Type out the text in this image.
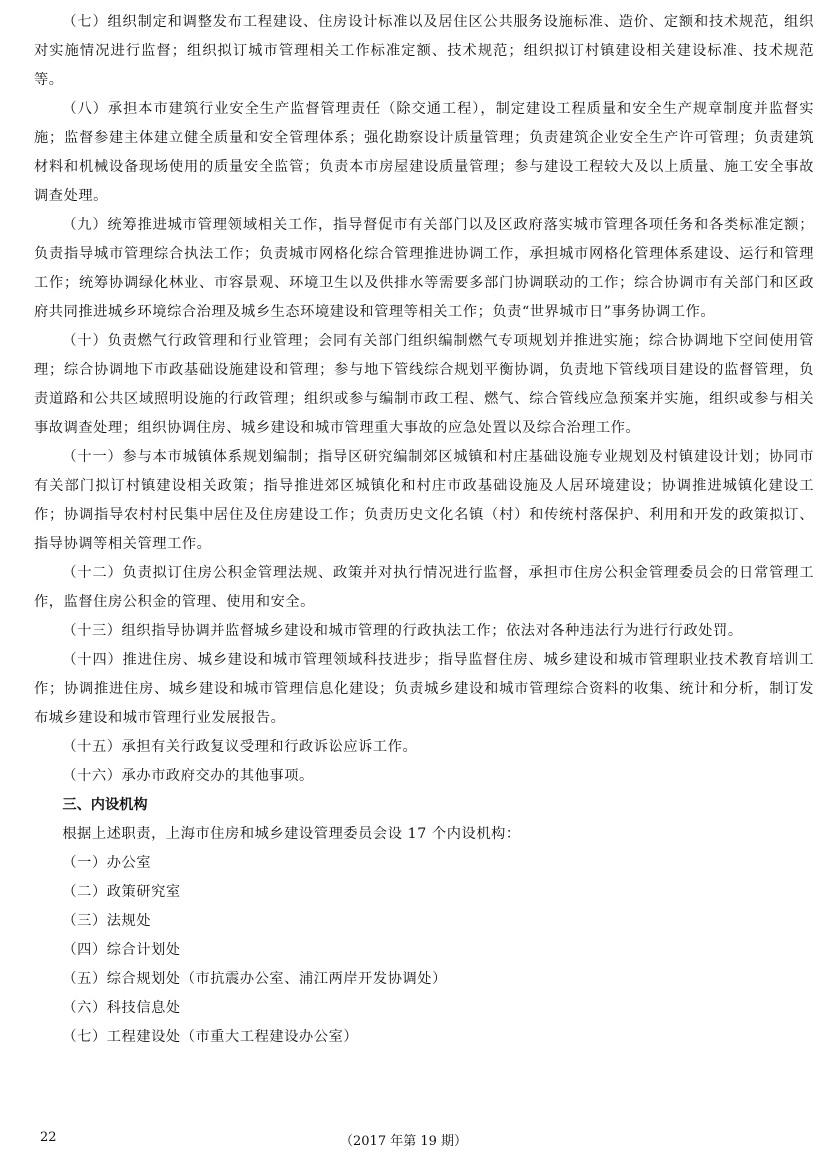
（七）组织制定和调整发布工程建设、住房设计标准以及居住区公共服务设施标准、造价、定额和技术规范，组织对实施情况进行监督；组织拟订城市管理相关工作标准定额、技术规范；组织拟订村镇建设相关建设标准、技术规范等。

（八）承担本市建筑行业安全生产监督管理责任（除交通工程），制定建设工程质量和安全生产规章制度并监督实施；监督参建主体建立健全质量和安全管理体系；强化勘察设计质量管理；负责建筑企业安全生产许可管理；负责建筑材料和机械设备现场使用的质量安全监管；负责本市房屋建设质量管理；参与建设工程较大及以上质量、施工安全事故调查处理。

（九）统筹推进城市管理领域相关工作，指导督促市有关部门以及区政府落实城市管理各项任务和各类标准定额；负责指导城市管理综合执法工作；负责城市网格化综合管理推进协调工作，承担城市网格化管理体系建设、运行和管理工作；统筹协调绿化林业、市容景观、环境卫生以及供排水等需要多部门协调联动的工作；综合协调市有关部门和区政府共同推进城乡环境综合治理及城乡生态环境建设和管理等相关工作；负责“世界城市日”事务协调工作。

（十）负责燃气行政管理和行业管理；会同有关部门组织编制燃气专项规划并推进实施；综合协调地下空间使用管理；综合协调地下市政基础设施建设和管理；参与地下管线综合规划平衡协调，负责地下管线项目建设的监督管理，负责道路和公共区域照明设施的行政管理；组织或参与编制市政工程、燃气、综合管线应急预案并实施，组织或参与相关事故调查处理；组织协调住房、城乡建设和城市管理重大事故的应急处置以及综合治理工作。

（十一）参与本市城镇体系规划编制；指导区研究编制郊区城镇和村庄基础设施专业规划及村镇建设计划；协同市有关部门拟订村镇建设相关政策；指导推进郊区城镇化和村庄市政基础设施及人居环境建设；协调推进城镇化建设工作；协调指导农村村民集中居住及住房建设工作；负责历史文化名镇（村）和传统村落保护、利用和开发的政策拟订、指导协调等相关管理工作。

（十二）负责拟订住房公积金管理法规、政策并对执行情况进行监督，承担市住房公积金管理委员会的日常管理工作，监督住房公积金的管理、使用和安全。

（十三）组织指导协调并监督城乡建设和城市管理的行政执法工作；依法对各种违法行为进行行政处罚。

（十四）推进住房、城乡建设和城市管理领域科技进步；指导监督住房、城乡建设和城市管理职业技术教育培训工作；协调推进住房、城乡建设和城市管理信息化建设；负责城乡建设和城市管理综合资料的收集、统计和分析，制订发布城乡建设和城市管理行业发展报告。

（十五）承担有关行政复议受理和行政诉讼应诉工作。

（十六）承办市政府交办的其他事项。

三、内设机构

根据上述职责，上海市住房和城乡建设管理委员会设 17 个内设机构：

（一）办公室

（二）政策研究室

（三）法规处

（四）综合计划处

（五）综合规划处（市抗震办公室、浦江两岸开发协调处）

（六）科技信息处

（七）工程建设处（市重大工程建设办公室）

22	（2017 年第 19 期）
